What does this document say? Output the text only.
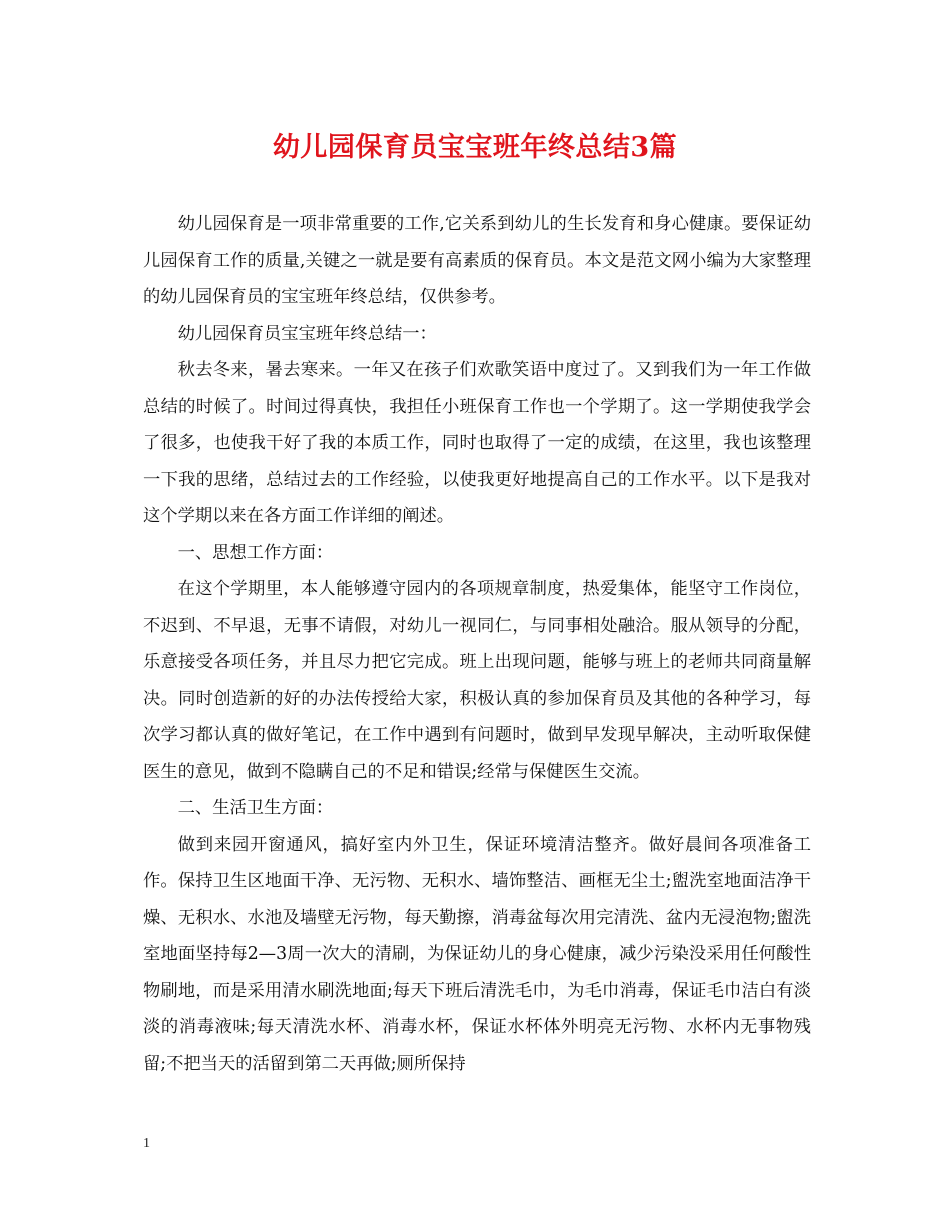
幼儿园保育员宝宝班年终总结3篇

幼儿园保育是一项非常重要的工作,它关系到幼儿的生长发育和身心健康。要保证幼儿园保育工作的质量,关键之一就是要有高素质的保育员。本文是范文网小编为大家整理的幼儿园保育员的宝宝班年终总结，仅供参考。

幼儿园保育员宝宝班年终总结一：

秋去冬来，暑去寒来。一年又在孩子们欢歌笑语中度过了。又到我们为一年工作做总结的时候了。时间过得真快，我担任小班保育工作也一个学期了。这一学期使我学会了很多，也使我干好了我的本质工作，同时也取得了一定的成绩，在这里，我也该整理一下我的思绪，总结过去的工作经验，以使我更好地提高自己的工作水平。以下是我对这个学期以来在各方面工作详细的阐述。

一、思想工作方面：

在这个学期里，本人能够遵守园内的各项规章制度，热爱集体，能坚守工作岗位，不迟到、不早退，无事不请假，对幼儿一视同仁，与同事相处融洽。服从领导的分配，乐意接受各项任务，并且尽力把它完成。班上出现问题，能够与班上的老师共同商量解决。同时创造新的好的办法传授给大家，积极认真的参加保育员及其他的各种学习，每次学习都认真的做好笔记，在工作中遇到有问题时，做到早发现早解决，主动听取保健医生的意见，做到不隐瞒自己的不足和错误;经常与保健医生交流。

二、生活卫生方面：

做到来园开窗通风，搞好室内外卫生，保证环境清洁整齐。做好晨间各项准备工作。保持卫生区地面干净、无污物、无积水、墙饰整洁、画框无尘土;盥洗室地面洁净干燥、无积水、水池及墙壁无污物，每天勤擦，消毒盆每次用完清洗、盆内无浸泡物;盥洗室地面坚持每2—3周一次大的清刷，为保证幼儿的身心健康，减少污染没采用任何酸性物刷地，而是采用清水刷洗地面;每天下班后清洗毛巾，为毛巾消毒，保证毛巾洁白有淡淡的消毒液味;每天清洗水杯、消毒水杯，保证水杯体外明亮无污物、水杯内无事物残留;不把当天的活留到第二天再做;厕所保持

1
